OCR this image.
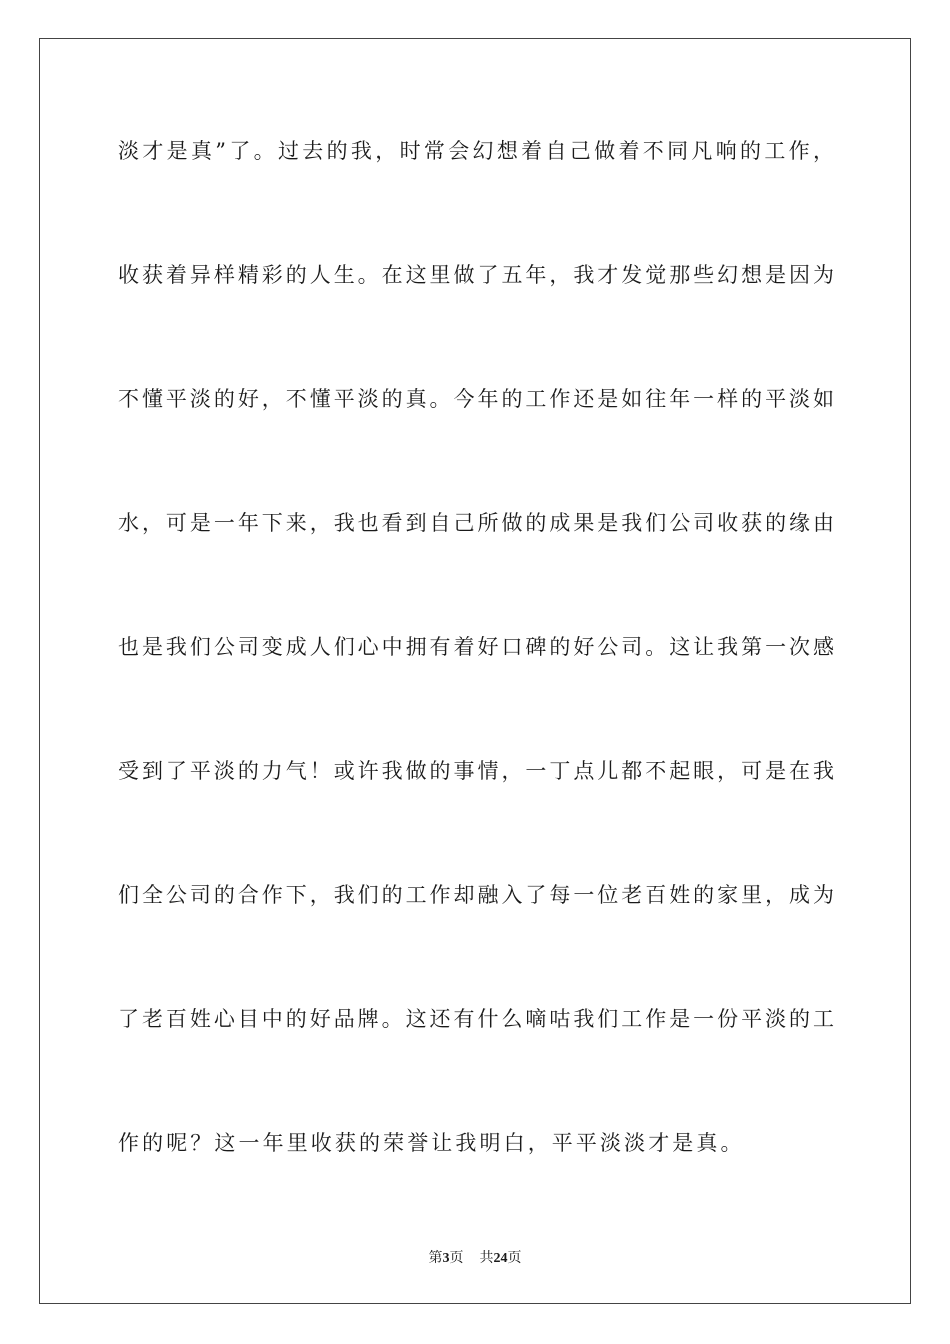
淡才是真”了。过去的我，时常会幻想着自己做着不同凡响的工作，
收获着异样精彩的人生。在这里做了五年，我才发觉那些幻想是因为
不懂平淡的好，不懂平淡的真。今年的工作还是如往年一样的平淡如
水，可是一年下来，我也看到自己所做的成果是我们公司收获的缘由
也是我们公司变成人们心中拥有着好口碑的好公司。这让我第一次感
受到了平淡的力气！或许我做的事情，一丁点儿都不起眼，可是在我
们全公司的合作下，我们的工作却融入了每一位老百姓的家里，成为
了老百姓心目中的好品牌。这还有什么嘀咕我们工作是一份平淡的工
作的呢？这一年里收获的荣誉让我明白，平平淡淡才是真。
第3页 共24页
